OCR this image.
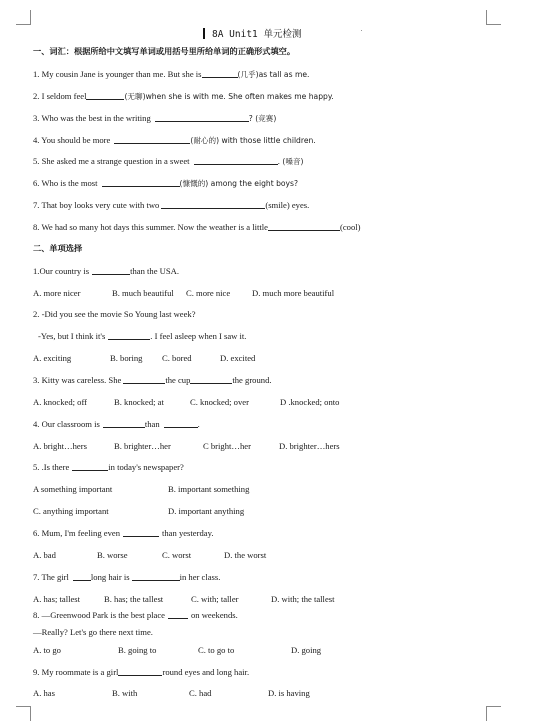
8A Unit1 单元检测
一、词汇：根据所给中文填写单词或用括号里所给单词的正确形式填空。
1. My cousin Jane is younger than me. But she is	(几乎)as tall as me.
2. I seldom feel	(无聊)when she is with me. She often makes me happy.
3. Who was the best in the writing	? (竞赛)
4. You should be more	(耐心的) with those little children.
5. She asked me a strange question in a sweet	. (嗓音)
6. Who is the most	(慷慨的) among the eight boys?
7. That boy looks very cute with two	(smile) eyes.
8. We had so many hot days this summer. Now the weather is a little	(cool)
二、单项选择
1.Our country is	than the USA.
A. more nicer	B. much beautiful C. more nice	D. much more beautiful
2. -Did you see the movie So Young last week?
-Yes, but I think it's	. I feel asleep when I saw it.
A. exciting	B. boring C. bored	D. excited
3. Kitty was careless. She	the cup	the ground.
A. knocked; off	B. knocked; at	C. knocked; over	D .knocked; onto
4. Our classroom is	than	.
A. bright…hers	B. brighter…her	C bright…her	D. brighter…hers
5. .Is there	in today's newspaper?
A something important	B. important something
C. anything important	D. important anything
6. Mum, I'm feeling even	than yesterday.
A. bad	B. worse	C. worst	D. the worst
7. The girl	long hair is	in her class.
A. has; tallest	B. has; the tallest	C. with; taller	D. with; the tallest
8. —Greenwood Park is the best place	on weekends.
—Really? Let's go there next time.
A. to go	B. going to	C. to go to	D. going
9. My roommate is a girl	round eyes and long hair.
A. has	B. with	C. had	D. is having
